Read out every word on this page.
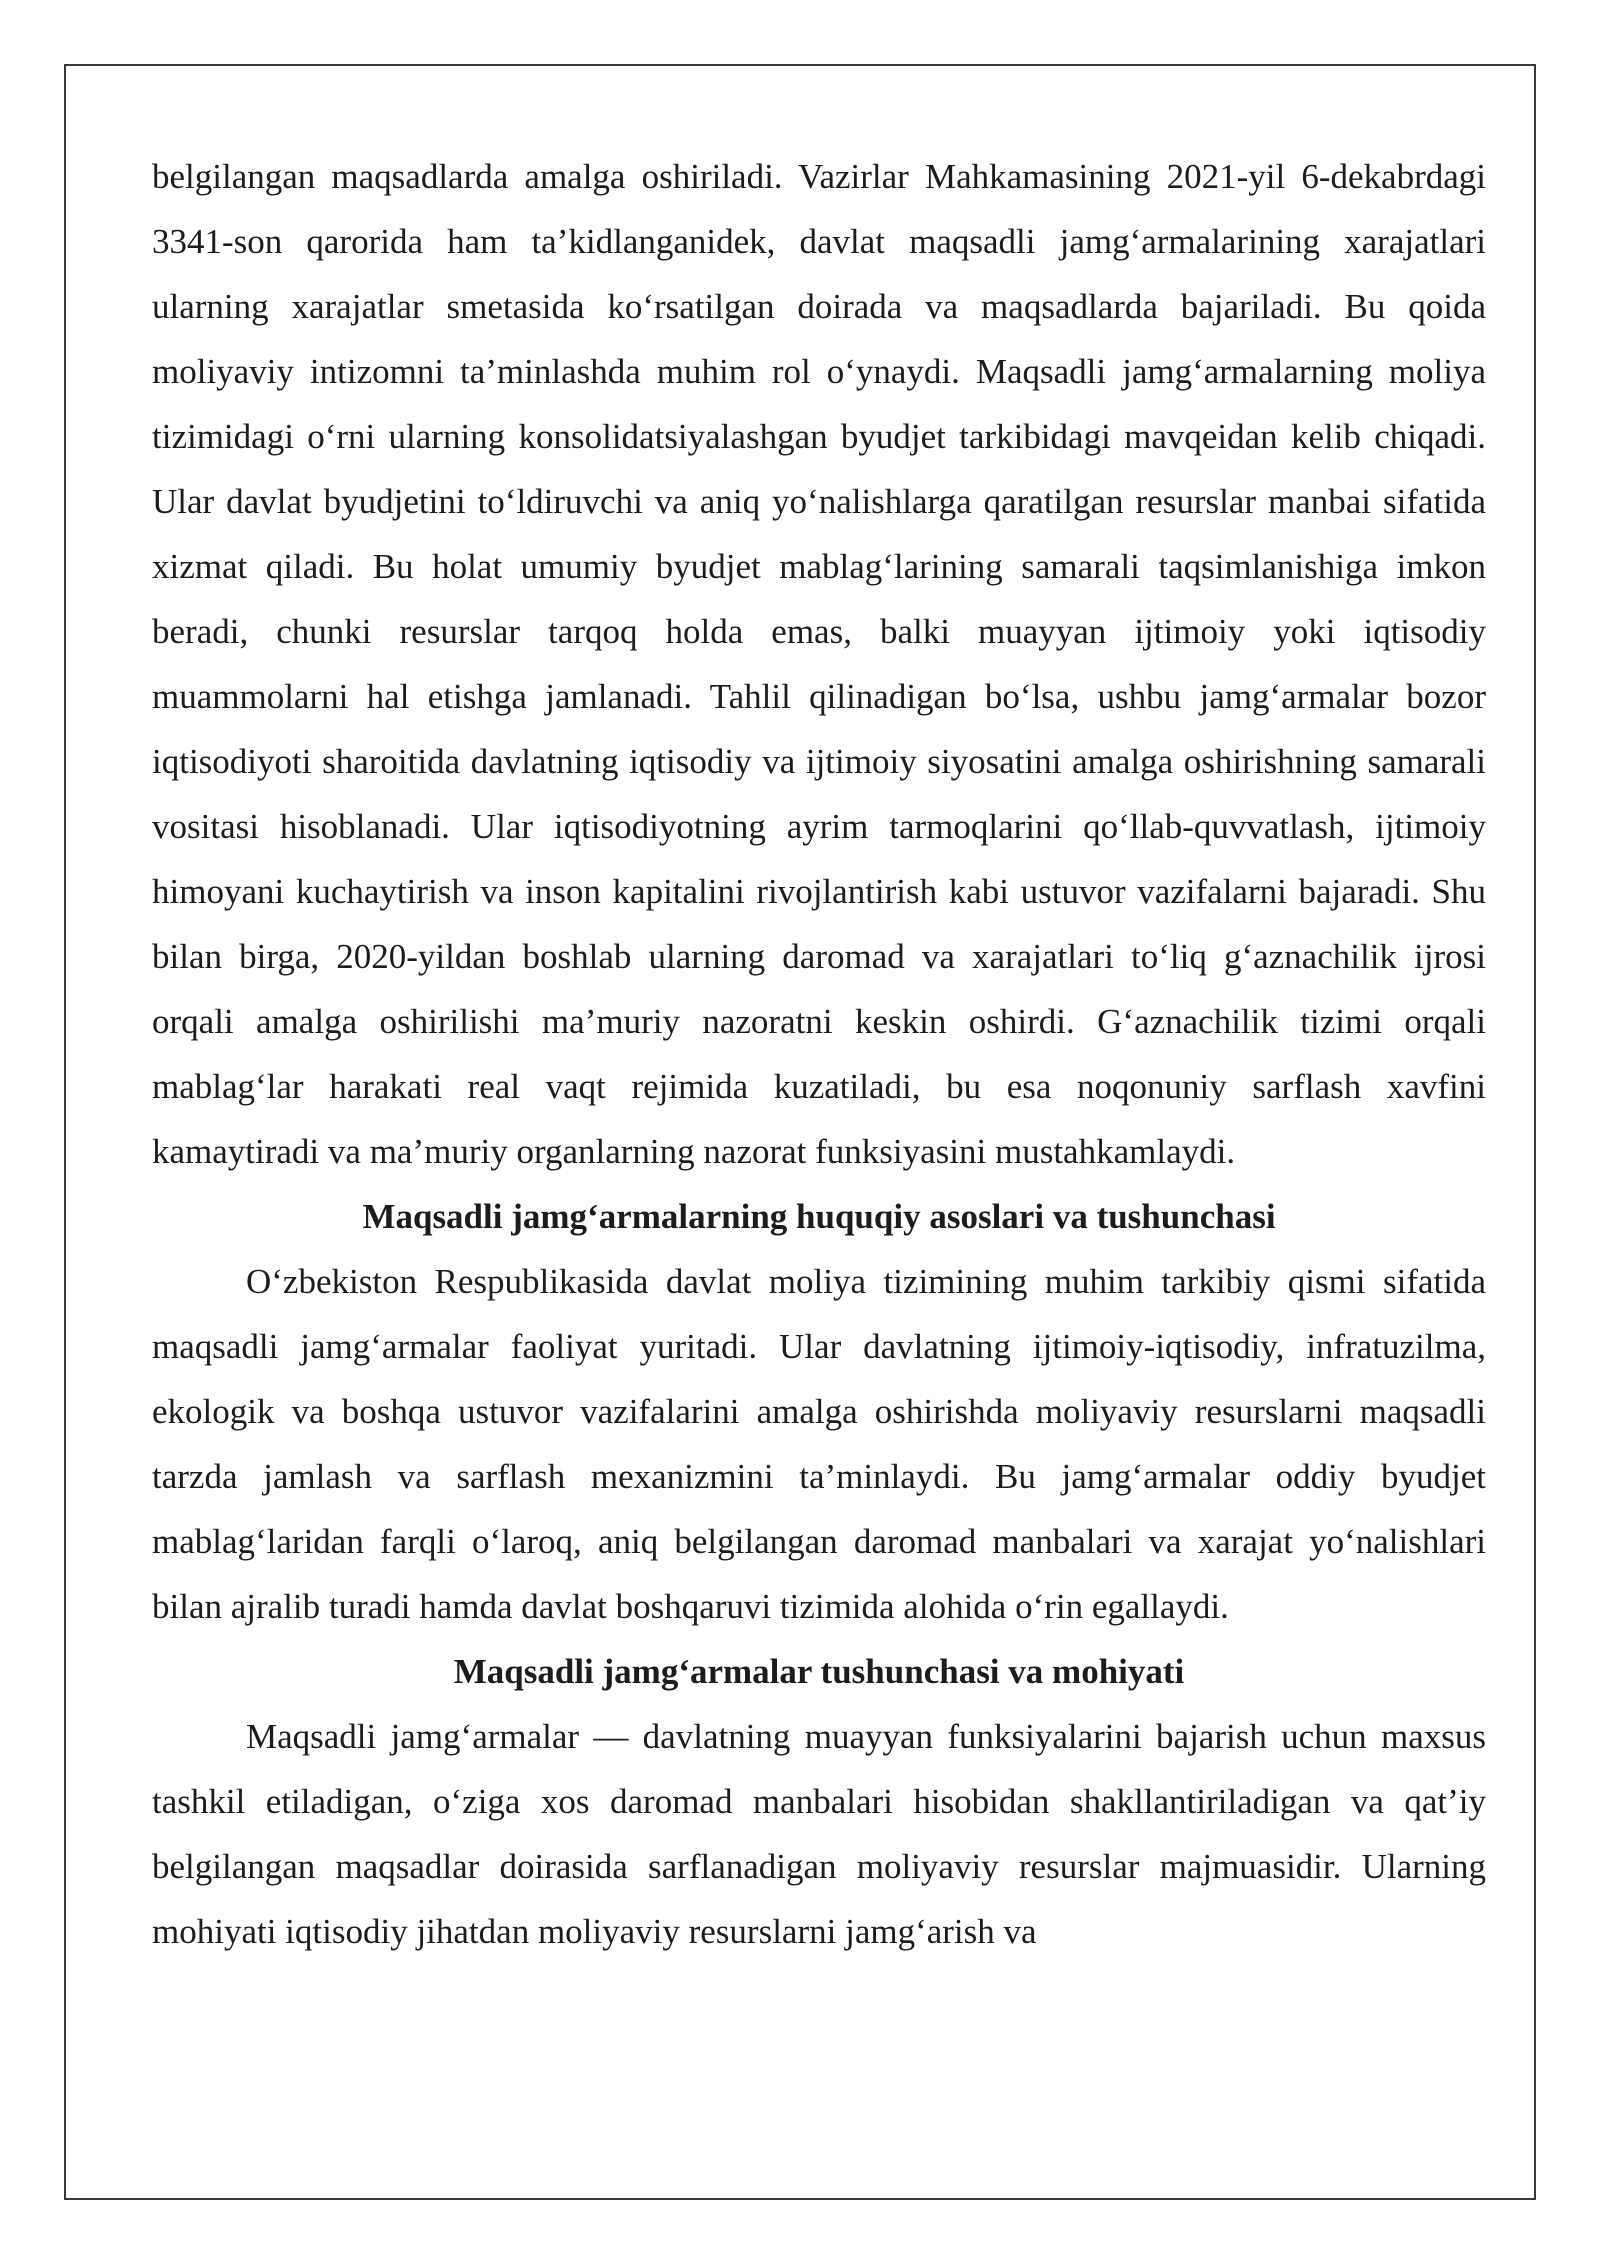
belgilangan maqsadlarda amalga oshiriladi. Vazirlar Mahkamasining 2021-yil 6-dekabrdagi 3341-son qarorida ham ta’kidlanganidek, davlat maqsadli jamg‘armalarining xarajatlari ularning xarajatlar smetasida ko‘rsatilgan doirada va maqsadlarda bajariladi. Bu qoida moliyaviy intizomni ta’minlashda muhim rol o‘ynaydi. Maqsadli jamg‘armalarning moliya tizimidagi o‘rni ularning konsolidatsiyalashgan byudjet tarkibidagi mavqeidan kelib chiqadi. Ular davlat byudjetini to‘ldiruvchi va aniq yo‘nalishlarga qaratilgan resurslar manbai sifatida xizmat qiladi. Bu holat umumiy byudjet mablag‘larining samarali taqsimlanishiga imkon beradi, chunki resurslar tarqoq holda emas, balki muayyan ijtimoiy yoki iqtisodiy muammolarni hal etishga jamlanadi. Tahlil qilinadigan bo‘lsa, ushbu jamg‘armalar bozor iqtisodiyoti sharoitida davlatning iqtisodiy va ijtimoiy siyosatini amalga oshirishning samarali vositasi hisoblanadi. Ular iqtisodiyotning ayrim tarmoqlarini qo‘llab-quvvatlash, ijtimoiy himoyani kuchaytirish va inson kapitalini rivojlantirish kabi ustuvor vazifalarni bajaradi. Shu bilan birga, 2020-yildan boshlab ularning daromad va xarajatlari to‘liq g‘aznachilik ijrosi orqali amalga oshirilishi ma’muriy nazoratni keskin oshirdi. G‘aznachilik tizimi orqali mablag‘lar harakati real vaqt rejimida kuzatiladi, bu esa noqonuniy sarflash xavfini kamaytiradi va ma’muriy organlarning nazorat funksiyasini mustahkamlaydi.

Maqsadli jamg‘armalarning huquqiy asoslari va tushunchasi

O‘zbekiston Respublikasida davlat moliya tizimining muhim tarkibiy qismi sifatida maqsadli jamg‘armalar faoliyat yuritadi. Ular davlatning ijtimoiy-iqtisodiy, infratuzilma, ekologik va boshqa ustuvor vazifalarini amalga oshirishda moliyaviy resurslarni maqsadli tarzda jamlash va sarflash mexanizmini ta’minlaydi. Bu jamg‘armalar oddiy byudjet mablag‘laridan farqli o‘laroq, aniq belgilangan daromad manbalari va xarajat yo‘nalishlari bilan ajralib turadi hamda davlat boshqaruvi tizimida alohida o‘rin egallaydi.

Maqsadli jamg‘armalar tushunchasi va mohiyati

Maqsadli jamg‘armalar — davlatning muayyan funksiyalarini bajarish uchun maxsus tashkil etiladigan, o‘ziga xos daromad manbalari hisobidan shakllantiriladigan va qat’iy belgilangan maqsadlar doirasida sarflanadigan moliyaviy resurslar majmuasidir. Ularning mohiyati iqtisodiy jihatdan moliyaviy resurslarni jamg‘arish va
